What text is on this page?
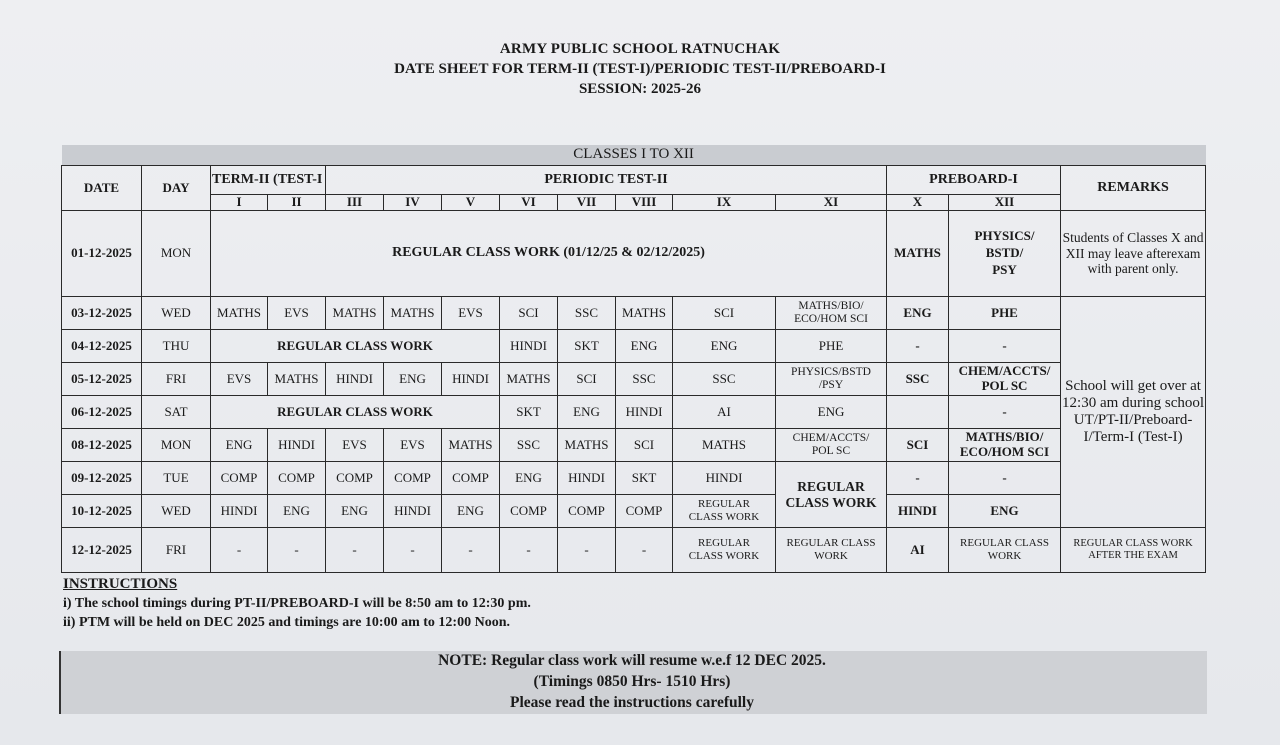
ARMY PUBLIC SCHOOL RATNUCHAK
DATE SHEET FOR TERM-II (TEST-I)/PERIODIC TEST-II/PREBOARD-I
SESSION: 2025-26
CLASSES I TO XII														
DATE	DAY	TERM-II (TEST-I		PERIODIC TEST-II								PREBOARD-I		REMARKS
		I	II	III	IV	V	VI	VII	VIII	IX	XI	X	XII	
01-12-2025	MON	REGULAR CLASS WORK (01/12/25 & 02/12/2025)										MATHS	PHYSICS/
BSTD/
PSY	Students of Classes X and XII may leave afterexam with parent only.
03-12-2025	WED	MATHS	EVS	MATHS	MATHS	EVS	SCI	SSC	MATHS	SCI	MATHS/BIO/
ECO/HOM SCI	ENG	PHE	School will get over at 12:30 am during school UT/PT-II/Preboard-I/Term-I (Test-I)
04-12-2025	THU	REGULAR CLASS WORK					HINDI	SKT	ENG	ENG	PHE	-	-	
05-12-2025	FRI	EVS	MATHS	HINDI	ENG	HINDI	MATHS	SCI	SSC	SSC	PHYSICS/BSTD
/PSY	SSC	CHEM/ACCTS/
POL SC	
06-12-2025	SAT	REGULAR CLASS WORK					SKT	ENG	HINDI	AI	ENG		-	
08-12-2025	MON	ENG	HINDI	EVS	EVS	MATHS	SSC	MATHS	SCI	MATHS	CHEM/ACCTS/
POL SC	SCI	MATHS/BIO/
ECO/HOM SCI	
09-12-2025	TUE	COMP	COMP	COMP	COMP	COMP	ENG	HINDI	SKT	HINDI	REGULAR
CLASS WORK	-	-	
10-12-2025	WED	HINDI	ENG	ENG	HINDI	ENG	COMP	COMP	COMP	REGULAR
CLASS WORK		HINDI	ENG	
12-12-2025	FRI	-	-	-	-	-	-	-	-	REGULAR
CLASS WORK	REGULAR CLASS
WORK	AI	REGULAR CLASS
WORK	REGULAR CLASS WORK AFTER THE EXAM
INSTRUCTIONS
i) The school timings during PT-II/PREBOARD-I will be 8:50 am to 12:30 pm.
ii) PTM will be held on DEC 2025 and timings are 10:00 am to 12:00 Noon.
NOTE: Regular class work will resume w.e.f 12 DEC 2025.
(Timings 0850 Hrs- 1510 Hrs)
Please read the instructions carefully
